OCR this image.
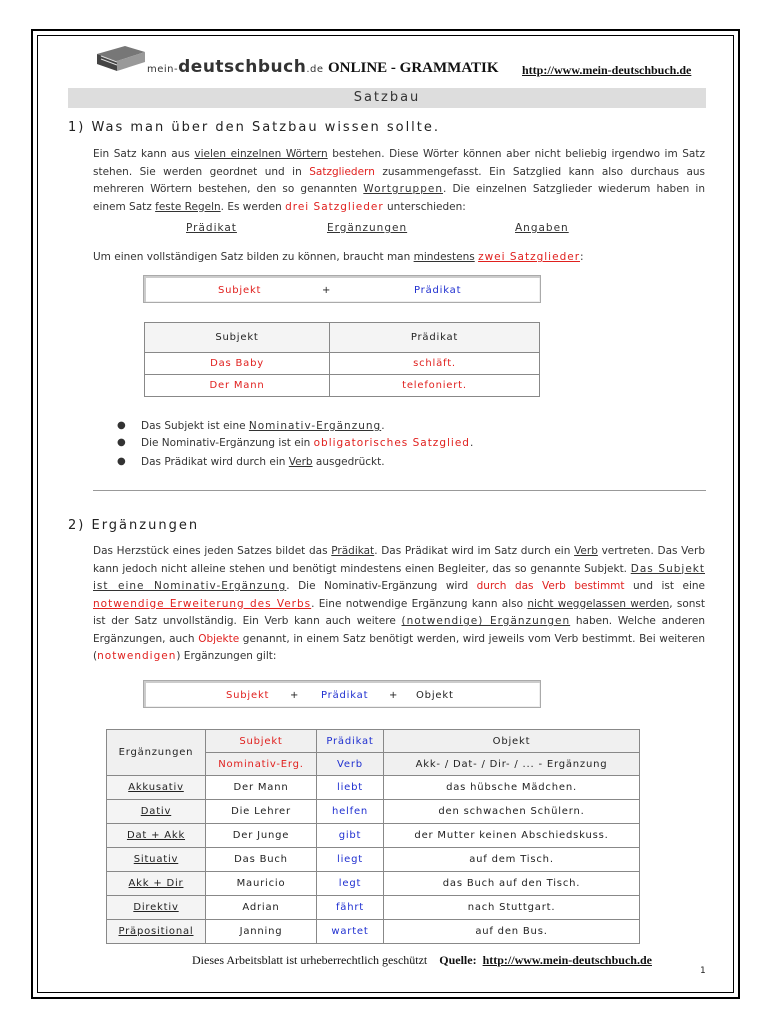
mein-deutschbuch.de ONLINE - GRAMMATIK http://www.mein-deutschbuch.de
Satzbau
1) Was man über den Satzbau wissen sollte.
Ein Satz kann aus vielen einzelnen Wörtern bestehen. Diese Wörter können aber nicht beliebig irgendwo im Satz stehen. Sie werden geordnet und in Satzgliedern zusammengefasst. Ein Satzglied kann also durchaus aus mehreren Wörtern bestehen, den so genannten Wortgruppen. Die einzelnen Satzglieder wiederum haben in einem Satz feste Regeln. Es werden drei Satzglieder unterschieden:
Prädikat	Ergänzungen	Angaben
Um einen vollständigen Satz bilden zu können, braucht man mindestens zwei Satzglieder:
Subjekt	+	Prädikat
Subjekt	Prädikat
Das Baby	schläft.
Der Mann	telefoniert.
● Das Subjekt ist eine Nominativ-Ergänzung.
● Die Nominativ-Ergänzung ist ein obligatorisches Satzglied.
● Das Prädikat wird durch ein Verb ausgedrückt.
2) Ergänzungen
Das Herzstück eines jeden Satzes bildet das Prädikat. Das Prädikat wird im Satz durch ein Verb vertreten. Das Verb kann jedoch nicht alleine stehen und benötigt mindestens einen Begleiter, das so genannte Subjekt. Das Subjekt ist eine Nominativ-Ergänzung. Die Nominativ-Ergänzung wird durch das Verb bestimmt und ist eine notwendige Erweiterung des Verbs. Eine notwendige Ergänzung kann also nicht weggelassen werden, sonst ist der Satz unvollständig. Ein Verb kann auch weitere (notwendige) Ergänzungen haben. Welche anderen Ergänzungen, auch Objekte genannt, in einem Satz benötigt werden, wird jeweils vom Verb bestimmt. Bei weiteren (notwendigen) Ergänzungen gilt:
Subjekt + Prädikat + Objekt
Ergänzungen	Subjekt	Prädikat	Objekt
	Nominativ-Erg.	Verb	Akk- / Dat- / Dir- / ... - Ergänzung
Akkusativ	Der Mann	liebt	das hübsche Mädchen.
Dativ	Die Lehrer	helfen	den schwachen Schülern.
Dat + Akk	Der Junge	gibt	der Mutter keinen Abschiedskuss.
Situativ	Das Buch	liegt	auf dem Tisch.
Akk + Dir	Mauricio	legt	das Buch auf den Tisch.
Direktiv	Adrian	fährt	nach Stuttgart.
Präpositional	Janning	wartet	auf den Bus.
Dieses Arbeitsblatt ist urheberrechtlich geschützt Quelle: http://www.mein-deutschbuch.de
1
